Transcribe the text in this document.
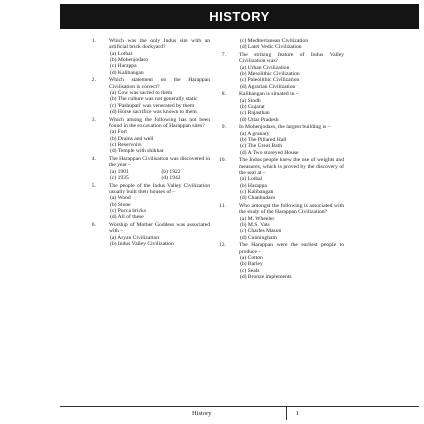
HISTORY
1. Which was the only Indus site with an artificial brick dockyard?
(a) Lothal
(b) Mohenjodaro
(c) Harappa
(d) Kalibangan
2. Which statement on the Harappan Civilisation is correct?
(a) Cow was sacred to them
(b) The culture was not generally static
(c) 'Pashupati' was venerated by them
(d) Horse sacrifice was known to them
3. Which among the following has not been found in the excavation of Harappan sites?
(a) Fort
(b) Drains and well
(c) Reservoirs
(d) Temple with shikhar
4. The Harappan Civilisation was discovered in the year –
(a) 1901	(b) 1922
(c) 1935	(d) 1942
5. The people of the Indus Valley Civilization usually built their houses of –
(a) Wood
(b) Stone
(c) Pucca bricks
(d) All of these
6. Worship of Mother Goddess was associated with –
(a) Aryan Civilization
(b) Indus Valley Civilization
(c) Mediterranean Civilization
(d) Later Vedic Civilization
7. The striking feature of Indus Valley Civilization was?
(a) Urban Civilization
(b) Mesolithic Civilization
(c) Paleolithic Civilization
(d) Agrarian Civilization
8. Kalibangan is situated in –
(a) Sindh
(b) Gujarat
(c) Rajasthan
(d) Uttar Pradesh
9. In Mohenjodaro, the largest building is –
(a) A granary
(b) The Pillared Hall
(c) The Great Bath
(d) A Two storeyed House
10. The Indus people knew the use of weights and measures, which is proved by the discovery of the seal at –
(a) Lothal
(b) Harappa
(c) Kalibangan
(d) Chanhudaro
11. Who amongst the following is associated with the study of the Harappan Civilization?
(a) M. Wheeler
(b) M.S. Vats
(c) Charles Mason
(d) Cunningham
12. The Harappan were the earliest people to produce –
(a) Cotton
(b) Barley
(c) Seals
(d) Bronze implements
History	1
